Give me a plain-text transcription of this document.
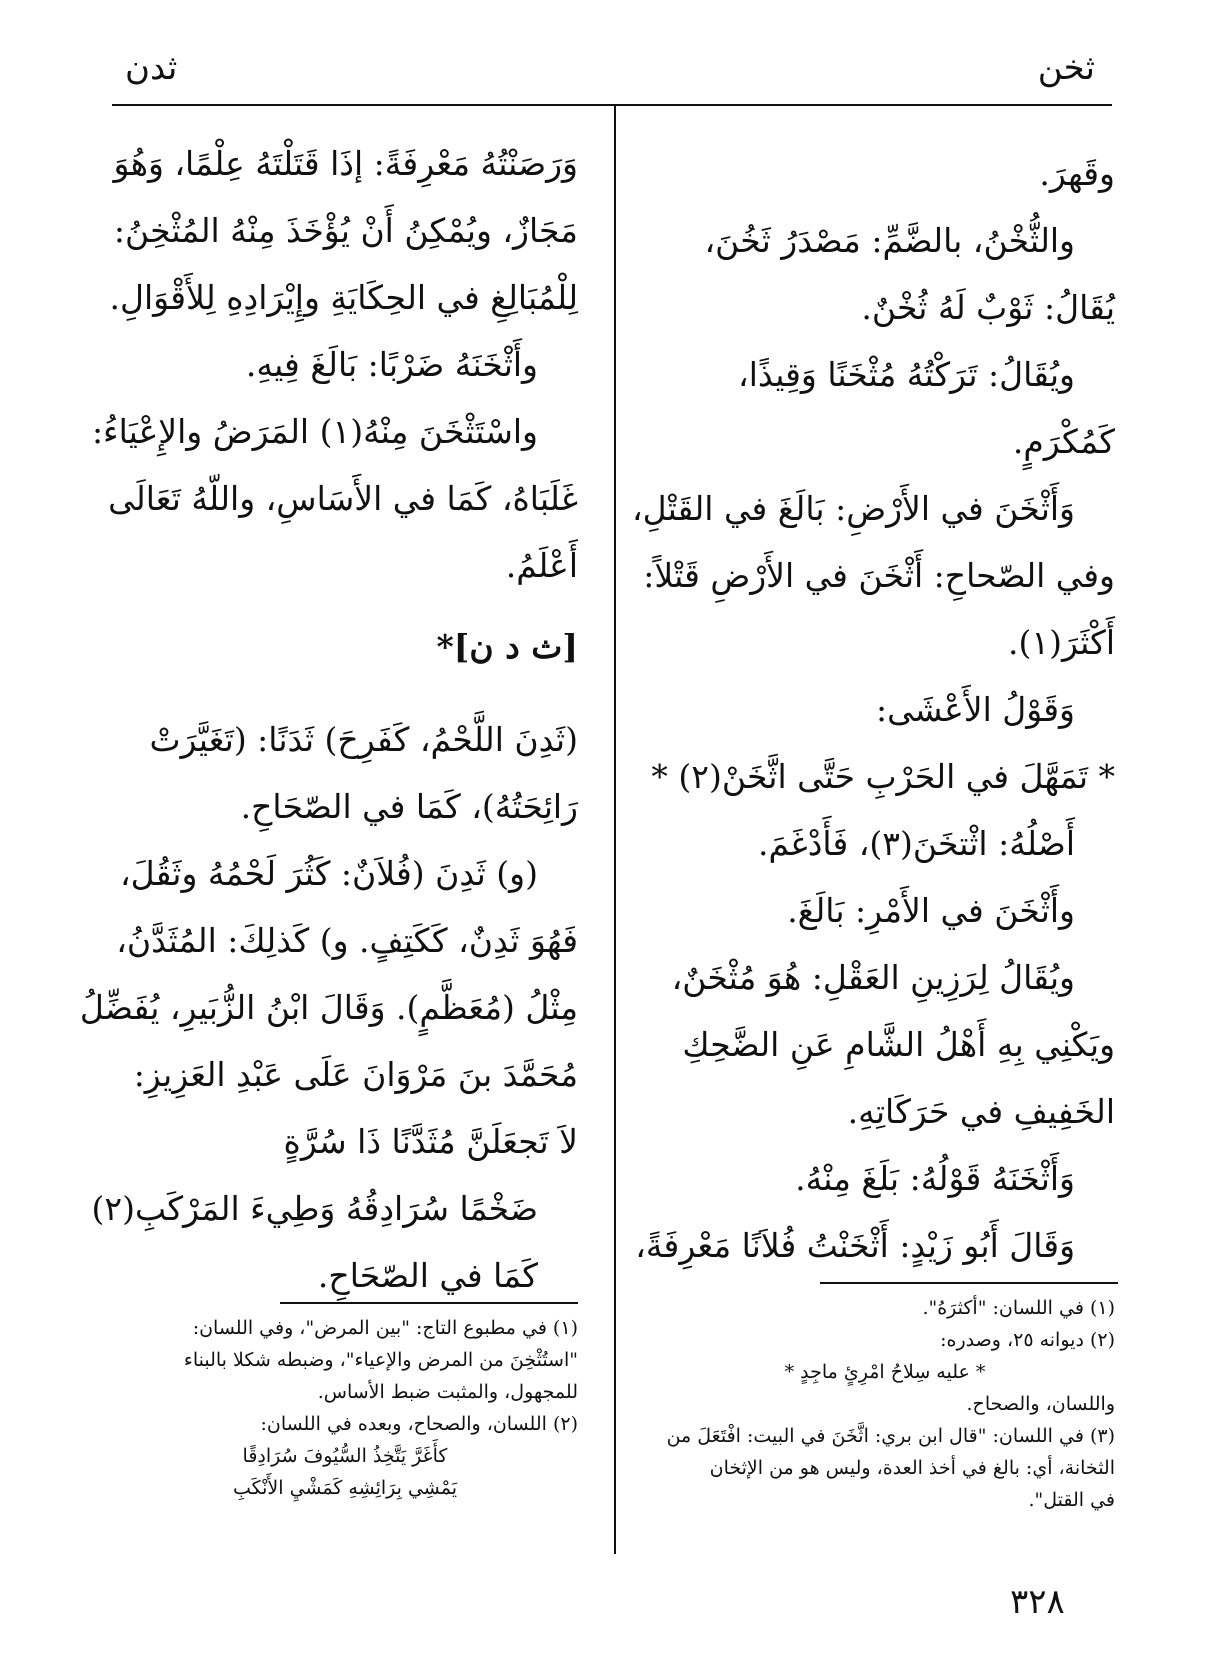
ثخن
ثدن

وقَهرَ.

والثُّخْنُ، بالضَّمِّ: مَصْدَرُ ثَخُنَ،

يُقَالُ: ثَوْبٌ لَهُ ثُخْنٌ.

ويُقَالُ: تَرَكْتُهُ مُثْخَنًا وَقِيذًا،

كَمُكْرَمٍ.

وَأَثْخَنَ في الأَرْضِ: بَالَغَ في القَتْلِ،

وفي الصّحاحِ: أَثْخَنَ في الأَرْضِ قَتْلاً:

أَكْثَرَ(١).

وَقَوْلُ الأَعْشَى:

* تَمَهَّلَ في الحَرْبِ حَتَّى اثَّخَنْ(٢) *

أَصْلُهُ: اثْتخَنَ(٣)، فَأَدْغَمَ.

وأَثْخَنَ في الأَمْرِ: بَالَغَ.

ويُقَالُ لِرَزِينِ العَقْلِ: هُوَ مُثْخَنٌ،

ويَكْنِي بِهِ أَهْلُ الشَّامِ عَنِ الضَّحِكِ

الخَفِيفِ في حَرَكَاتِهِ.

وَأَثْخَنَهُ قَوْلُهُ: بَلَغَ مِنْهُ.

وَقَالَ أَبُو زَيْدٍ: أَثْخَنْتُ فُلاَنًا مَعْرِفَةً،

وَرَصَنْتُهُ مَعْرِفَةً: إذَا قَتَلْتَهُ عِلْمًا، وَهُوَ

مَجَازٌ، ويُمْكِنُ أَنْ يُؤْخَذَ مِنْهُ المُثْخِنُ:

لِلْمُبَالِغِ في الحِكَايَةِ وإِيْرَادِهِ لِلأَقْوَالِ.

وأَثْخَنَهُ ضَرْبًا: بَالَغَ فِيهِ.

واسْتَثْخَنَ مِنْهُ(١) المَرَضُ والإِعْيَاءُ:

غَلَبَاهُ، كَمَا في الأَسَاسِ، واللّهُ تَعَالَى

أَعْلَمُ.

[ث د ن]*

(ثَدِنَ اللَّحْمُ، كَفَرِحَ) ثَدَنًا: (تَغَيَّرَتْ

رَائِحَتُهُ)، كَمَا في الصّحَاحِ.

(و) ثَدِنَ (فُلاَنٌ: كَثُرَ لَحْمُهُ وثَقُلَ،

فَهُوَ ثَدِنٌ، كَكَتِفٍ. و) كَذلِكَ: المُثَدَّنُ،

مِثْلُ (مُعَظَّمٍ). وَقَالَ ابْنُ الزُّبَيرِ، يُفَضِّلُ

مُحَمَّدَ بنَ مَرْوَانَ عَلَى عَبْدِ العَزِيزِ:

لاَ تَجعَلَنَّ مُثَدَّنًا ذَا سُرَّةٍ

ضَخْمًا سُرَادِقُهُ وَطِيءَ المَرْكَبِ(٢)

كَمَا في الصّحَاحِ.

(١) في اللسان: "أكثرَهُ".

(٢) ديوانه ٢٥، وصدره:

* عليه سِلاحُ امْرِئٍ ماجِدٍ *

واللسان، والصحاح.

(٣) في اللسان: "قال ابن بري: اثَّخَنَ في البيت: افْتَعَلَ من

الثخانة، أي: بالغ في أخذ العدة، وليس هو من الإثخان

في القتل".

(١) في مطبوع التاج: "بين المرض"، وفي اللسان:

"استُثْخِنَ من المرض والإعياء"، وضبطه شكلا بالبناء

للمجهول، والمثبت ضبط الأساس.

(٢) اللسان، والصحاح، وبعده في اللسان:

كأَغَرَّ يَتَّخِذُ السُّيُوفَ سُرَادِقًا

يَمْشِي بِرَائِشِهِ كَمَشْيِ الأَنْكَبِ

٣٢٨
